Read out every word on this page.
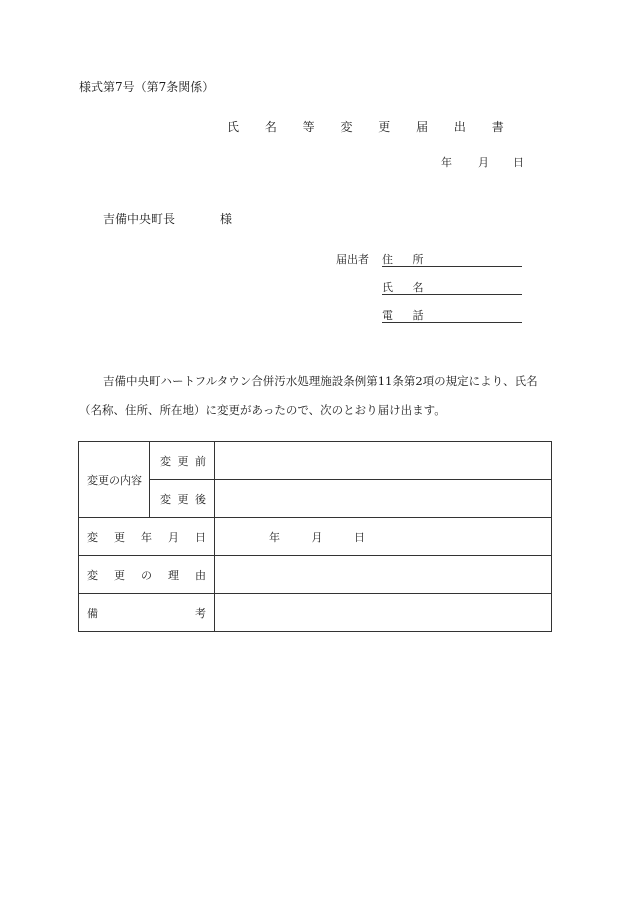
様式第7号（第7条関係）
氏 名 等 変 更 届 出 書
年 月 日
吉備中央町長	様
届出者 住 所
氏 名
電 話
吉備中央町ハートフルタウン合併汚水処理施設条例第11条第2項の規定により、氏名
（名称、住所、所在地）に変更があったので、次のとおり届け出ます。
変更の内容	変 更 前	

	変 更 後	

変 更 年 月 日		年 月 日

変 更 の 理 由		

備 考		
